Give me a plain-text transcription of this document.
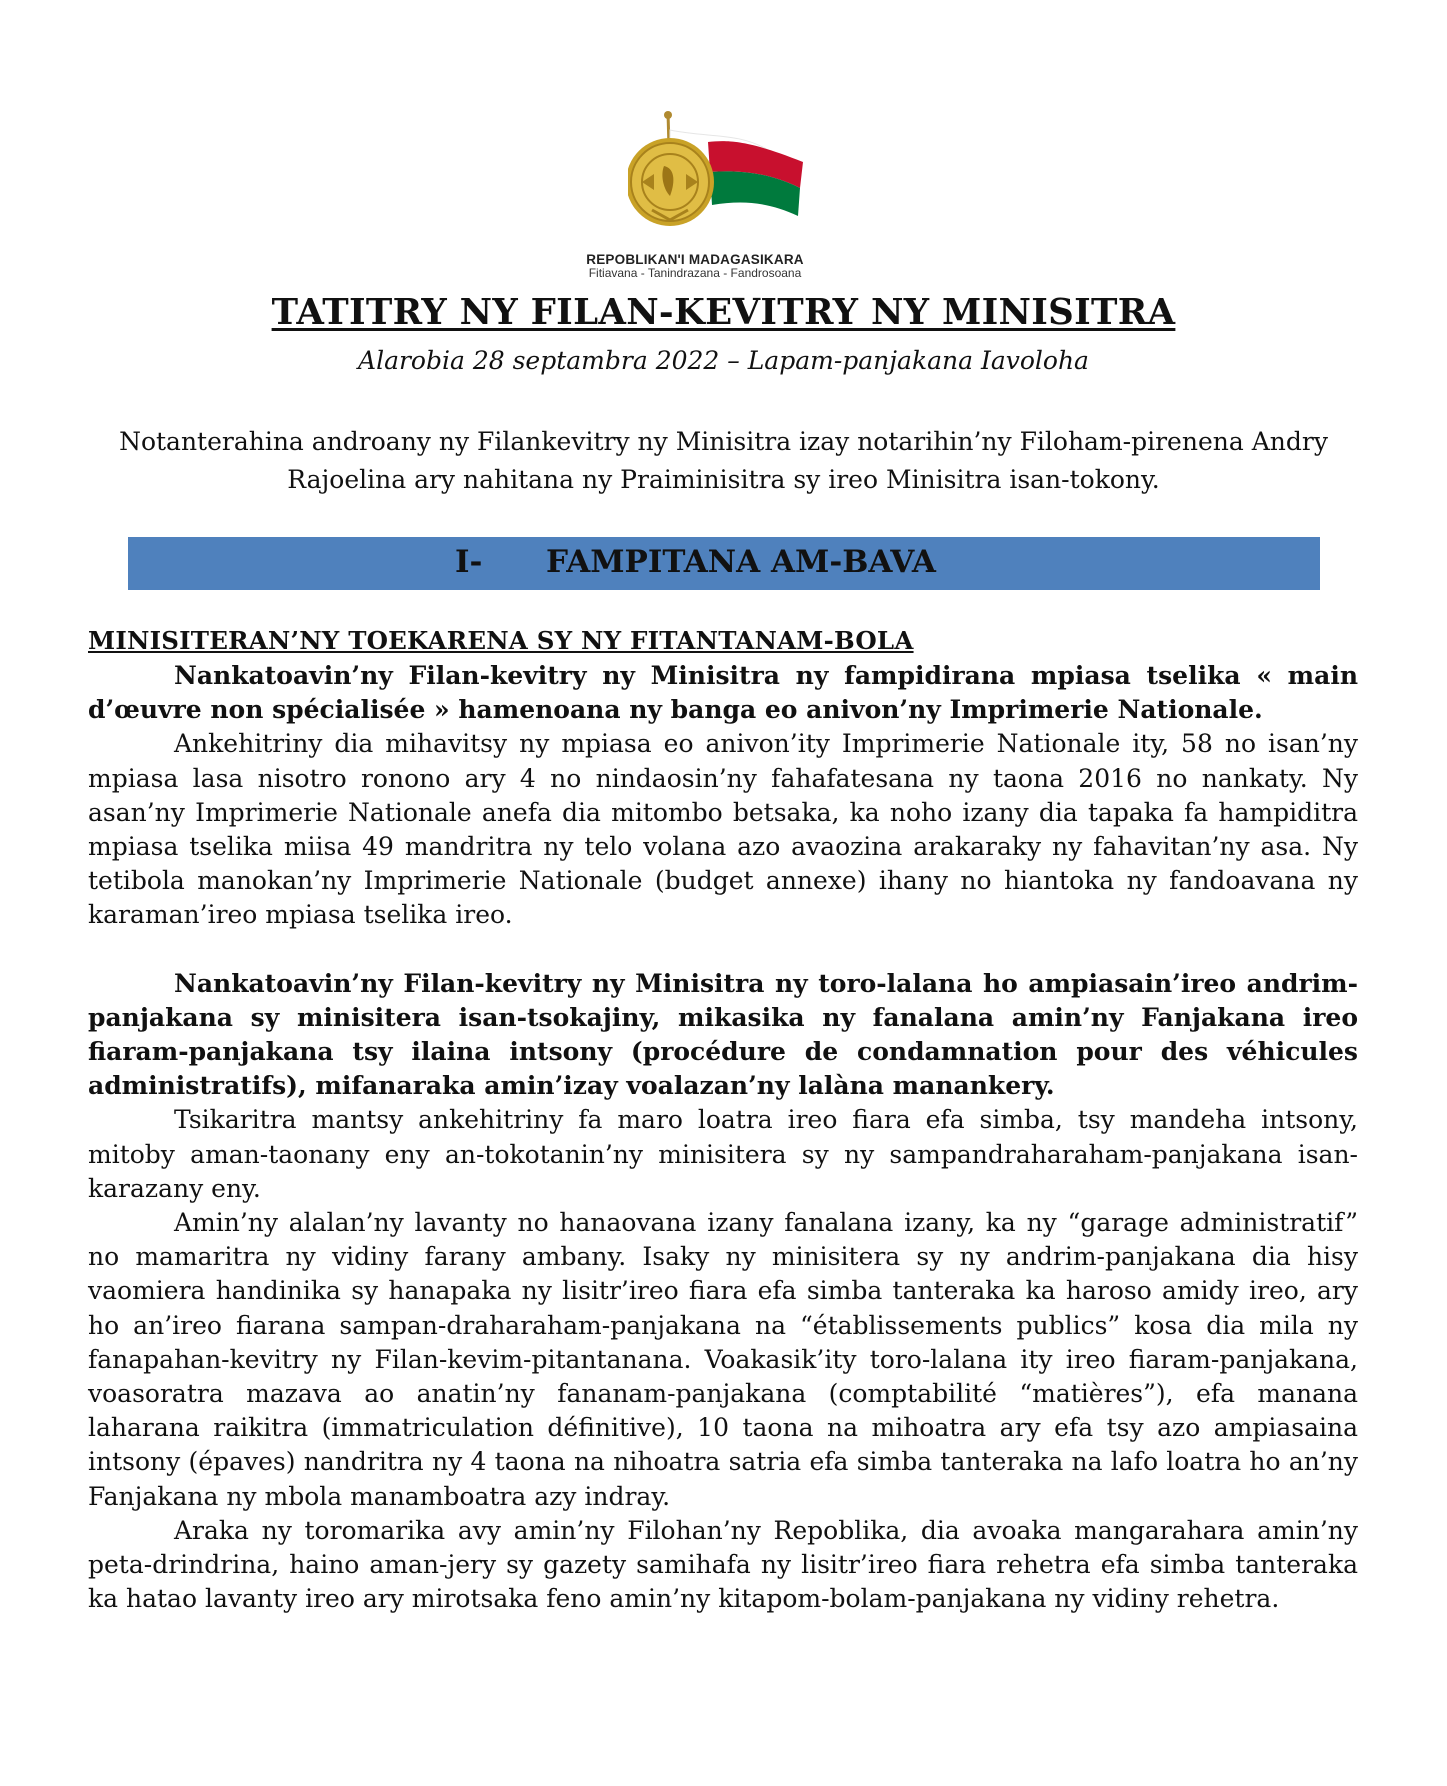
REPOBLIKAN'I MADAGASIKARA
Fitiavana - Tanindrazana - Fandrosoana
TATITRY NY FILAN-KEVITRY NY MINISITRA
Alarobia 28 septambra 2022 – Lapam-panjakana Iavoloha
Notanterahina androany ny Filankevitry ny Minisitra izay notarihin’ny Filoham-pirenena Andry Rajoelina ary nahitana ny Praiminisitra sy ireo Minisitra isan-tokony.
I- FAMPITANA AM-BAVA
MINISITERAN’NY TOEKARENA SY NY FITANTANAM-BOLA

Nankatoavin’ny Filan-kevitry ny Minisitra ny fampidirana mpiasa tselika « main d’œuvre non spécialisée » hamenoana ny banga eo anivon’ny Imprimerie Nationale.

Ankehitriny dia mihavitsy ny mpiasa eo anivon’ity Imprimerie Nationale ity, 58 no isan’ny mpiasa lasa nisotro ronono ary 4 no nindaosin’ny fahafatesana ny taona 2016 no nankaty. Ny asan’ny Imprimerie Nationale anefa dia mitombo betsaka, ka noho izany dia tapaka fa hampiditra mpiasa tselika miisa 49 mandritra ny telo volana azo avaozina arakaraky ny fahavitan’ny asa. Ny tetibola manokan’ny Imprimerie Nationale (budget annexe) ihany no hiantoka ny fandoavana ny karaman’ireo mpiasa tselika ireo.

Nankatoavin’ny Filan-kevitry ny Minisitra ny toro-lalana ho ampiasain’ireo andrim-panjakana sy minisitera isan-tsokajiny, mikasika ny fanalana amin’ny Fanjakana ireo fiaram-panjakana tsy ilaina intsony (procédure de condamnation pour des véhicules administratifs), mifanaraka amin’izay voalazan’ny lalàna manankery.

Tsikaritra mantsy ankehitriny fa maro loatra ireo fiara efa simba, tsy mandeha intsony, mitoby aman-taonany eny an-tokotanin’ny minisitera sy ny sampandraharaham-panjakana isan-karazany eny.

Amin’ny alalan’ny lavanty no hanaovana izany fanalana izany, ka ny “garage administratif” no mamaritra ny vidiny farany ambany. Isaky ny minisitera sy ny andrim-panjakana dia hisy vaomiera handinika sy hanapaka ny lisitr’ireo fiara efa simba tanteraka ka haroso amidy ireo, ary ho an’ireo fiarana sampan-draharaham-panjakana na “établissements publics” kosa dia mila ny fanapahan-kevitry ny Filan-kevim-pitantanana. Voakasik’ity toro-lalana ity ireo fiaram-panjakana, voasoratra mazava ao anatin’ny fananam-panjakana (comptabilité “matières”), efa manana laharana raikitra (immatriculation définitive), 10 taona na mihoatra ary efa tsy azo ampiasaina intsony (épaves) nandritra ny 4 taona na nihoatra satria efa simba tanteraka na lafo loatra ho an’ny Fanjakana ny mbola manamboatra azy indray.

Araka ny toromarika avy amin’ny Filohan’ny Repoblika, dia avoaka mangarahara amin’ny peta-drindrina, haino aman-jery sy gazety samihafa ny lisitr’ireo fiara rehetra efa simba tanteraka ka hatao lavanty ireo ary mirotsaka feno amin’ny kitapom-bolam-panjakana ny vidiny rehetra.
